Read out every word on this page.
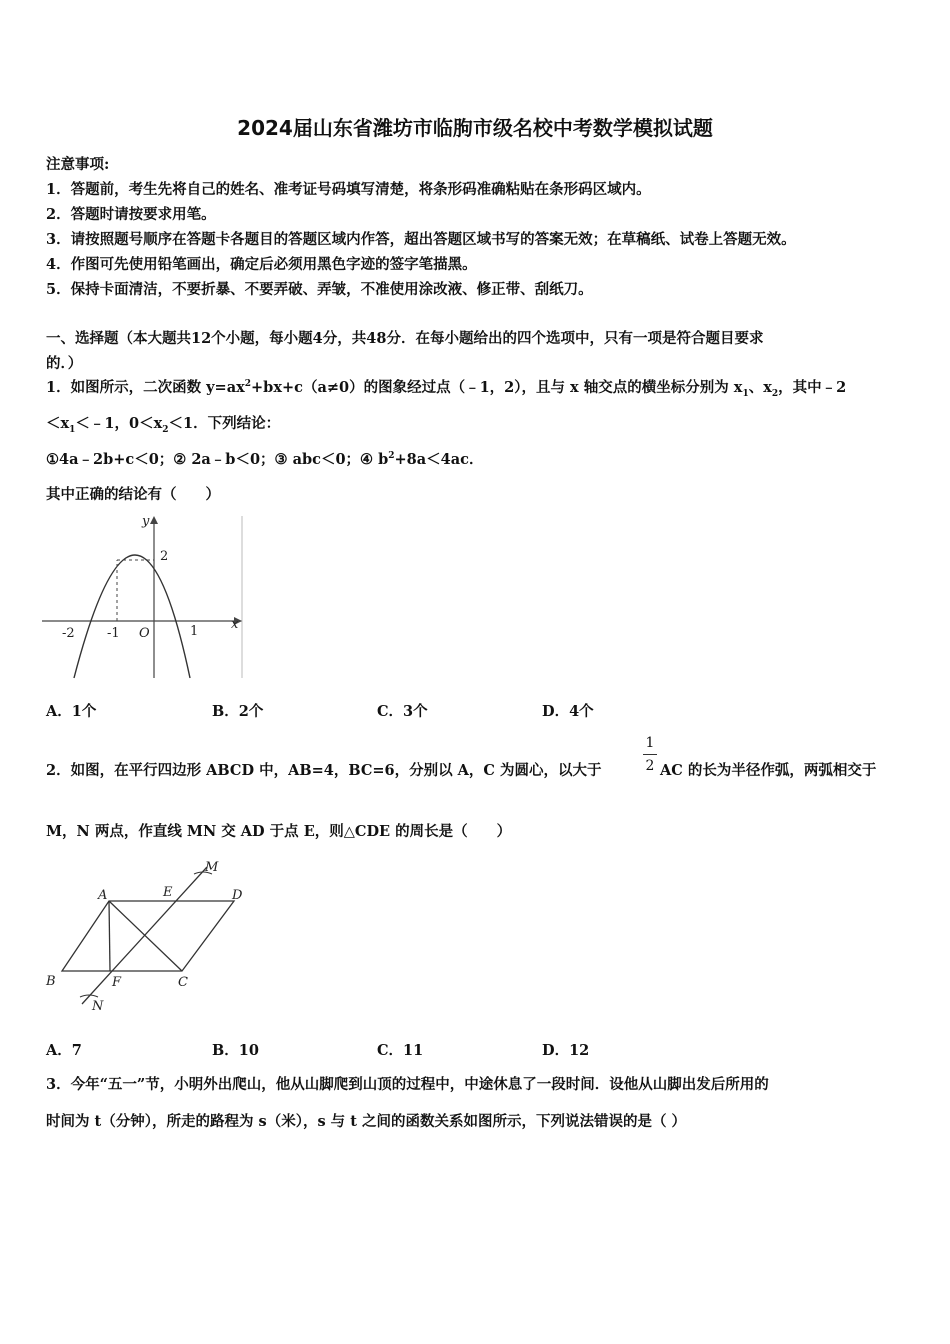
2024届山东省潍坊市临朐市级名校中考数学模拟试题
注意事项:
1．答题前，考生先将自己的姓名、准考证号码填写清楚，将条形码准确粘贴在条形码区域内。
2．答题时请按要求用笔。
3．请按照题号顺序在答题卡各题目的答题区域内作答，超出答题区域书写的答案无效；在草稿纸、试卷上答题无效。
4．作图可先使用铅笔画出，确定后必须用黑色字迹的签字笔描黑。
5．保持卡面清洁，不要折暴、不要弄破、弄皱，不准使用涂改液、修正带、刮纸刀。
一、选择题（本大题共12个小题，每小题4分，共48分．在每小题给出的四个选项中，只有一项是符合题目要求
的．）
1．如图所示，二次函数 $y=ax^2+bx+c(a\ne 0)$的图象经过点（﹣1，2），且与 x 轴交点的横坐标分别为 $x_1$、$x_2$，其中﹣2
$<x_1<﹣1$，$0<x_2<1$．下列结论：
①4a﹣2b+c＜0；② 2a﹣b＜0；③ abc＜0；④ $b^2+8a<4ac$．
其中正确的结论有（　　）
y
x
2
-2 -1 O	1
A．1个	B．2个	C．3个	D．4个
2．如图，在平行四边形 ABCD 中，AB=4，BC=6，分别以 A，C 为圆心，以大于
1
2 AC 的长为半径作弧，两弧相交于
M，N 两点，作直线 MN 交 AD 于点 E，则△CDE 的周长是（　　）
A
B	C
D
E
F
M
N
A．7	B．10	C．11	D．12
3．今年“五一”节，小明外出爬山，他从山脚爬到山顶的过程中，中途休息了一段时间．设他从山脚出发后所用的
时间为 t（分钟），所走的路程为 s（米），s 与 t 之间的函数关系如图所示，下列说法错误的是（ ）
